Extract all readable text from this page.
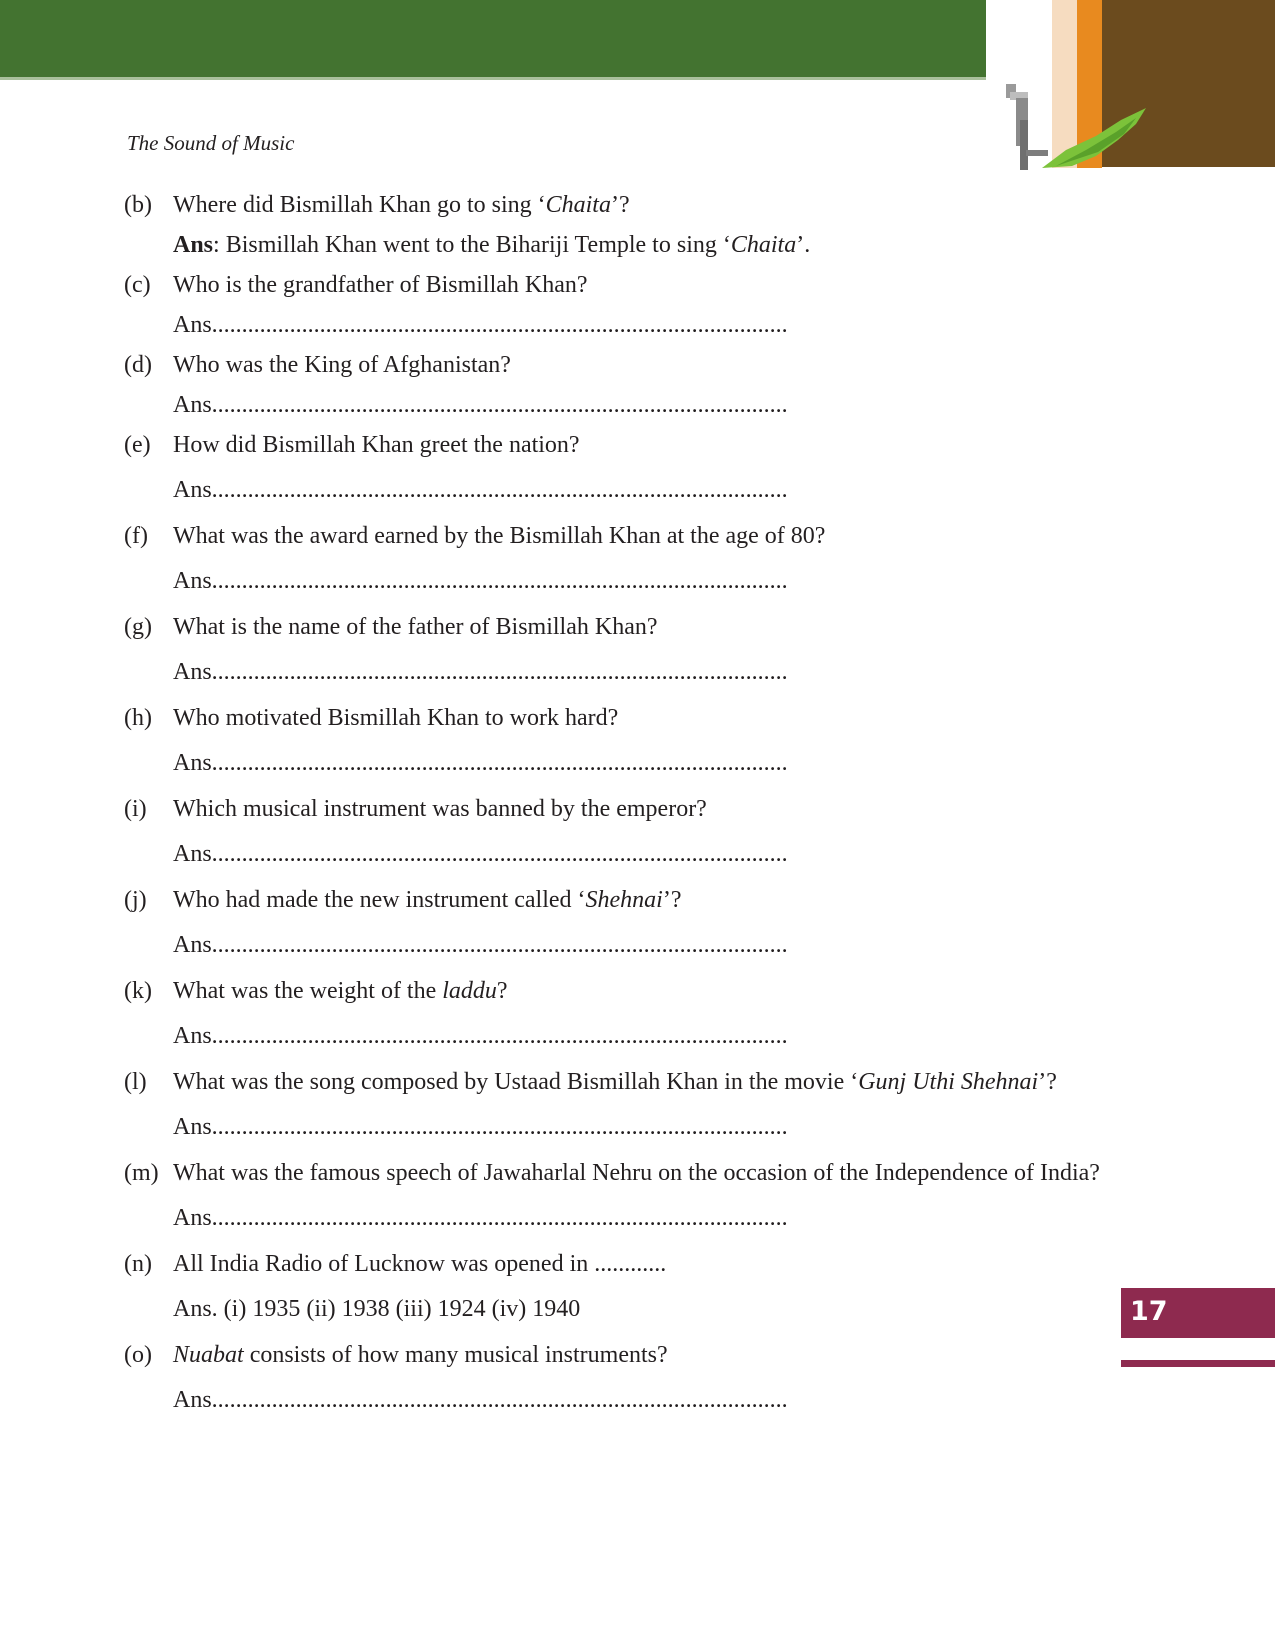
The Sound of Music
(b) Where did Bismillah Khan go to sing ‘Chaita’?
Ans: Bismillah Khan went to the Bihariji Temple to sing ‘Chaita’.
(c) Who is the grandfather of Bismillah Khan?
Ans................................................................................................
(d) Who was the King of Afghanistan?
Ans................................................................................................
(e) How did Bismillah Khan greet the nation?
Ans................................................................................................
(f) What was the award earned by the Bismillah Khan at the age of 80?
Ans................................................................................................
(g) What is the name of the father of Bismillah Khan?
Ans................................................................................................
(h) Who motivated Bismillah Khan to work hard?
Ans................................................................................................
(i) Which musical instrument was banned by the emperor?
Ans................................................................................................
(j) Who had made the new instrument called ‘Shehnai’?
Ans................................................................................................
(k) What was the weight of the laddu?
Ans................................................................................................
(l) What was the song composed by Ustaad Bismillah Khan in the movie ‘Gunj Uthi Shehnai’?
Ans................................................................................................
(m) What was the famous speech of Jawaharlal Nehru on the occasion of the Independence of India?
Ans................................................................................................
(n) All India Radio of Lucknow was opened in ............
Ans. (i) 1935 (ii) 1938 (iii) 1924 (iv) 1940
(o) Nuabat consists of how many musical instruments?
Ans................................................................................................
17
